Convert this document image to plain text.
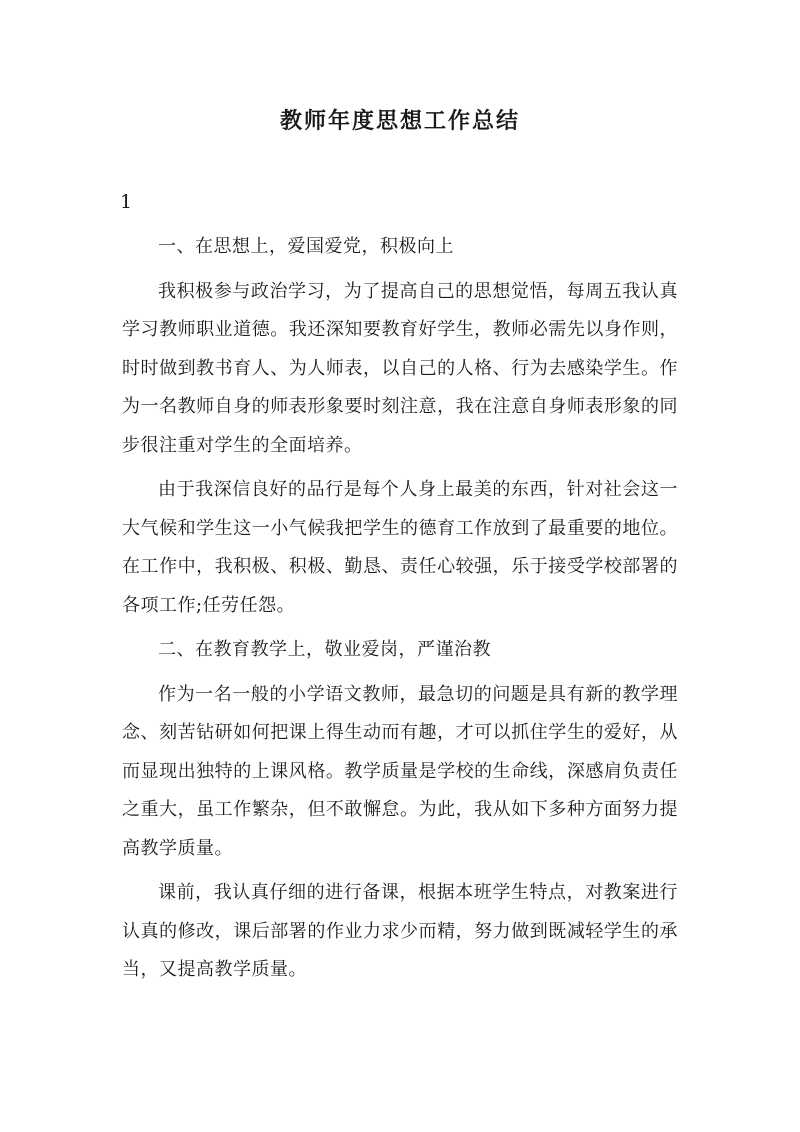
教师年度思想工作总结

1

一、在思想上，爱国爱党，积极向上

我积极参与政治学习，为了提高自己的思想觉悟，每周五我认真学习教师职业道德。我还深知要教育好学生，教师必需先以身作则，时时做到教书育人、为人师表，以自己的人格、行为去感染学生。作为一名教师自身的师表形象要时刻注意，我在注意自身师表形象的同步很注重对学生的全面培养。

由于我深信良好的品行是每个人身上最美的东西，针对社会这一大气候和学生这一小气候我把学生的德育工作放到了最重要的地位。在工作中，我积极、积极、勤恳、责任心较强，乐于接受学校部署的各项工作;任劳任怨。

二、在教育教学上，敬业爱岗，严谨治教

作为一名一般的小学语文教师，最急切的问题是具有新的教学理念、刻苦钻研如何把课上得生动而有趣，才可以抓住学生的爱好，从而显现出独特的上课风格。教学质量是学校的生命线，深感肩负责任之重大，虽工作繁杂，但不敢懈怠。为此，我从如下多种方面努力提高教学质量。

课前，我认真仔细的进行备课，根据本班学生特点，对教案进行认真的修改，课后部署的作业力求少而精，努力做到既减轻学生的承当，又提高教学质量。
